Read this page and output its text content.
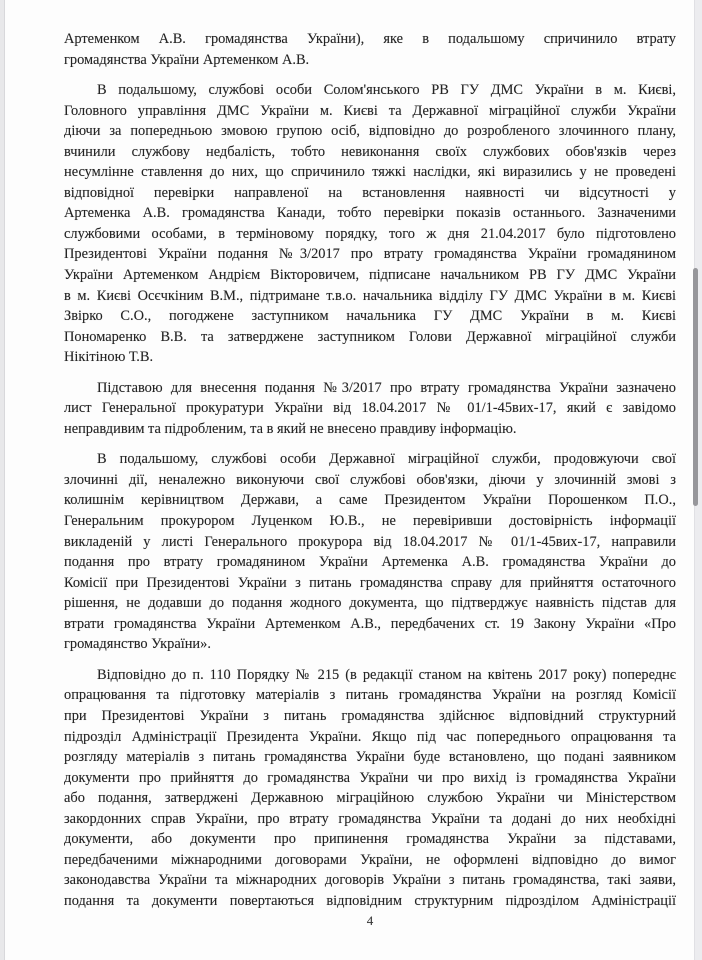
Артеменком А.В. громадянства України), яке в подальшому спричинило втрату
громадянства України Артеменком А.В.
В подальшому, службові особи Солом'янського РВ ГУ ДМС України в м. Києві,
Головного управління ДМС України м. Києві та Державної міграційної служби України
діючи за попередньою змовою групою осіб, відповідно до розробленого злочинного плану,
вчинили службову недбалість, тобто невиконання своїх службових обов'язків через
несумлінне ставлення до них, що спричинило тяжкі наслідки, які виразились у не проведені
відповідної перевірки направленої на встановлення наявності чи відсутності у
Артеменка А.В. громадянства Канади, тобто перевірки показів останнього. Зазначеними
службовими особами, в терміновому порядку, того ж дня 21.04.2017 було підготовлено
Президентові України подання №3/2017 про втрату громадянства України громадянином
України Артеменком Андрієм Вікторовичем, підписане начальником РВ ГУ ДМС України
в м. Києві Осєчкіним В.М., підтримане т.в.о. начальника відділу ГУ ДМС України в м. Києві
Звірко С.О., погоджене заступником начальника ГУ ДМС України в м. Києві
Пономаренко В.В. та затверджене заступником Голови Державної міграційної служби
Нікітіною Т.В.
Підставою для внесення подання №3/2017 про втрату громадянства України зазначено
лист Генеральної прокуратури України від 18.04.2017 № 01/1-45вих-17, який є завідомо
неправдивим та підробленим, та в який не внесено правдиву інформацію.
В подальшому, службові особи Державної міграційної служби, продовжуючи свої
злочинні дії, неналежно виконуючи свої службові обов'язки, діючи у злочинній змові з
колишнім керівництвом Держави, а саме Президентом України Порошенком П.О.,
Генеральним прокурором Луценком Ю.В., не перевіривши достовірність інформації
викладеній у листі Генерального прокурора від 18.04.2017 № 01/1-45вих-17, направили
подання про втрату громадянином України Артеменка А.В. громадянства України до
Комісії при Президентові України з питань громадянства справу для прийняття остаточного
рішення, не додавши до подання жодного документа, що підтверджує наявність підстав для
втрати громадянства України Артеменком А.В., передбачених ст. 19 Закону України «Про
громадянство України».
Відповідно до п. 110 Порядку № 215 (в редакції станом на квітень 2017 року) попереднє
опрацювання та підготовку матеріалів з питань громадянства України на розгляд Комісії
при Президентові України з питань громадянства здійснює відповідний структурний
підрозділ Адміністрації Президента України. Якщо під час попереднього опрацювання та
розгляду матеріалів з питань громадянства України буде встановлено, що подані заявником
документи про прийняття до громадянства України чи про вихід із громадянства України
або подання, затверджені Державною міграційною службою України чи Міністерством
закордонних справ України, про втрату громадянства України та додані до них необхідні
документи, або документи про припинення громадянства України за підставами,
передбаченими міжнародними договорами України, не оформлені відповідно до вимог
законодавства України та міжнародних договорів України з питань громадянства, такі заяви,
подання та документи повертаються відповідним структурним підрозділом Адміністрації
4
